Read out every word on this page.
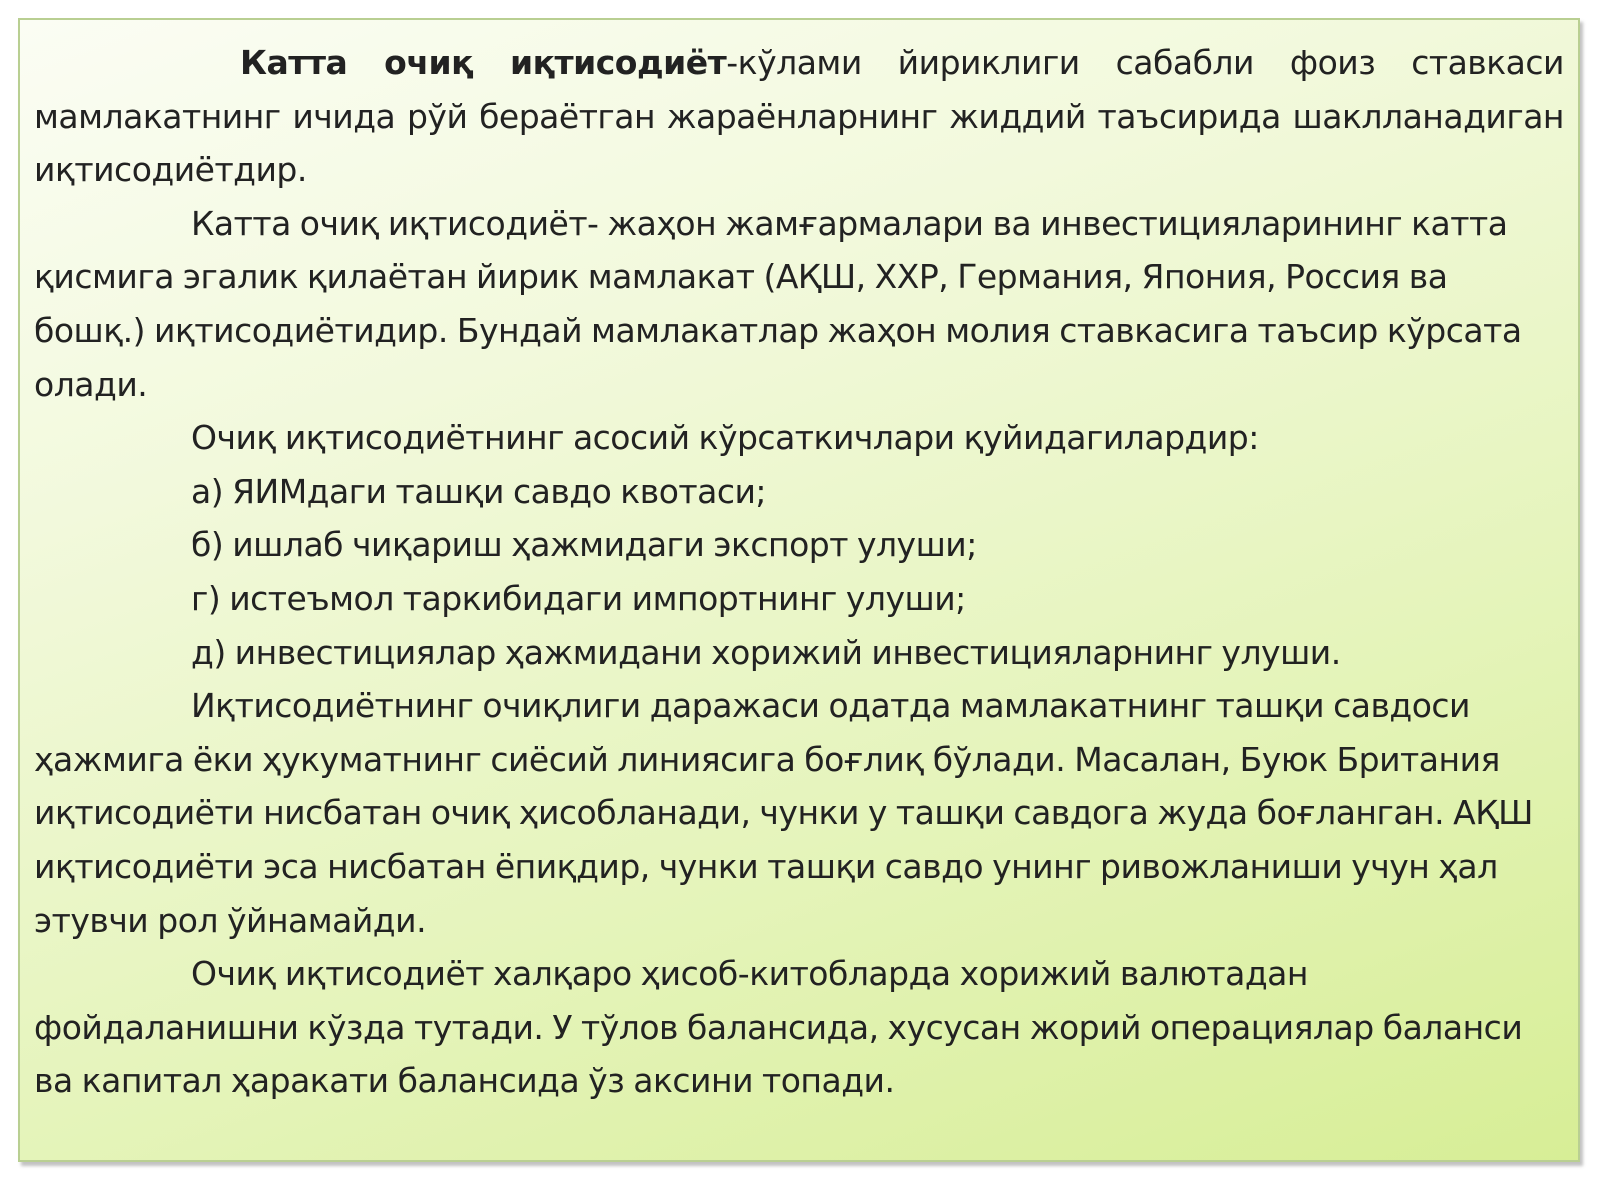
Катта очиқ иқтисодиёт-кўлами йириклиги сабабли фоиз ставкаси мамлакатнинг ичида рўй бераётган жараёнларнинг жиддий таъсирида шаклланадиган иқтисодиётдир.

Катта очиқ иқтисодиёт- жаҳон жамғармалари ва инвестицияларининг катта қисмига эгалик қилаётан йирик мамлакат (АҚШ, ХХР, Германия, Япония, Россия ва бошқ.) иқтисодиётидир. Бундай мамлакатлар жаҳон молия ставкасига таъсир кўрсата олади.

Очиқ иқтисодиётнинг асосий кўрсаткичлари қуйидагилардир:

а) ЯИМдаги ташқи савдо квотаси;

б) ишлаб чиқариш ҳажмидаги экспорт улуши;

г) истеъмол таркибидаги импортнинг улуши;

д) инвестициялар ҳажмидани хорижий инвестицияларнинг улуши.

Иқтисодиётнинг очиқлиги даражаси одатда мамлакатнинг ташқи савдоси ҳажмига ёки ҳукуматнинг сиёсий линиясига боғлиқ бўлади. Масалан, Буюк Британия иқтисодиёти нисбатан очиқ ҳисобланади, чунки у ташқи савдога жуда боғланган. АҚШ иқтисодиёти эса нисбатан ёпиқдир, чунки ташқи савдо унинг ривожланиши учун ҳал этувчи рол ўйнамайди.

Очиқ иқтисодиёт халқаро ҳисоб-китобларда хорижий валютадан фойдаланишни кўзда тутади. У тўлов балансида, хусусан жорий операциялар баланси ва капитал ҳаракати балансида ўз аксини топади.
